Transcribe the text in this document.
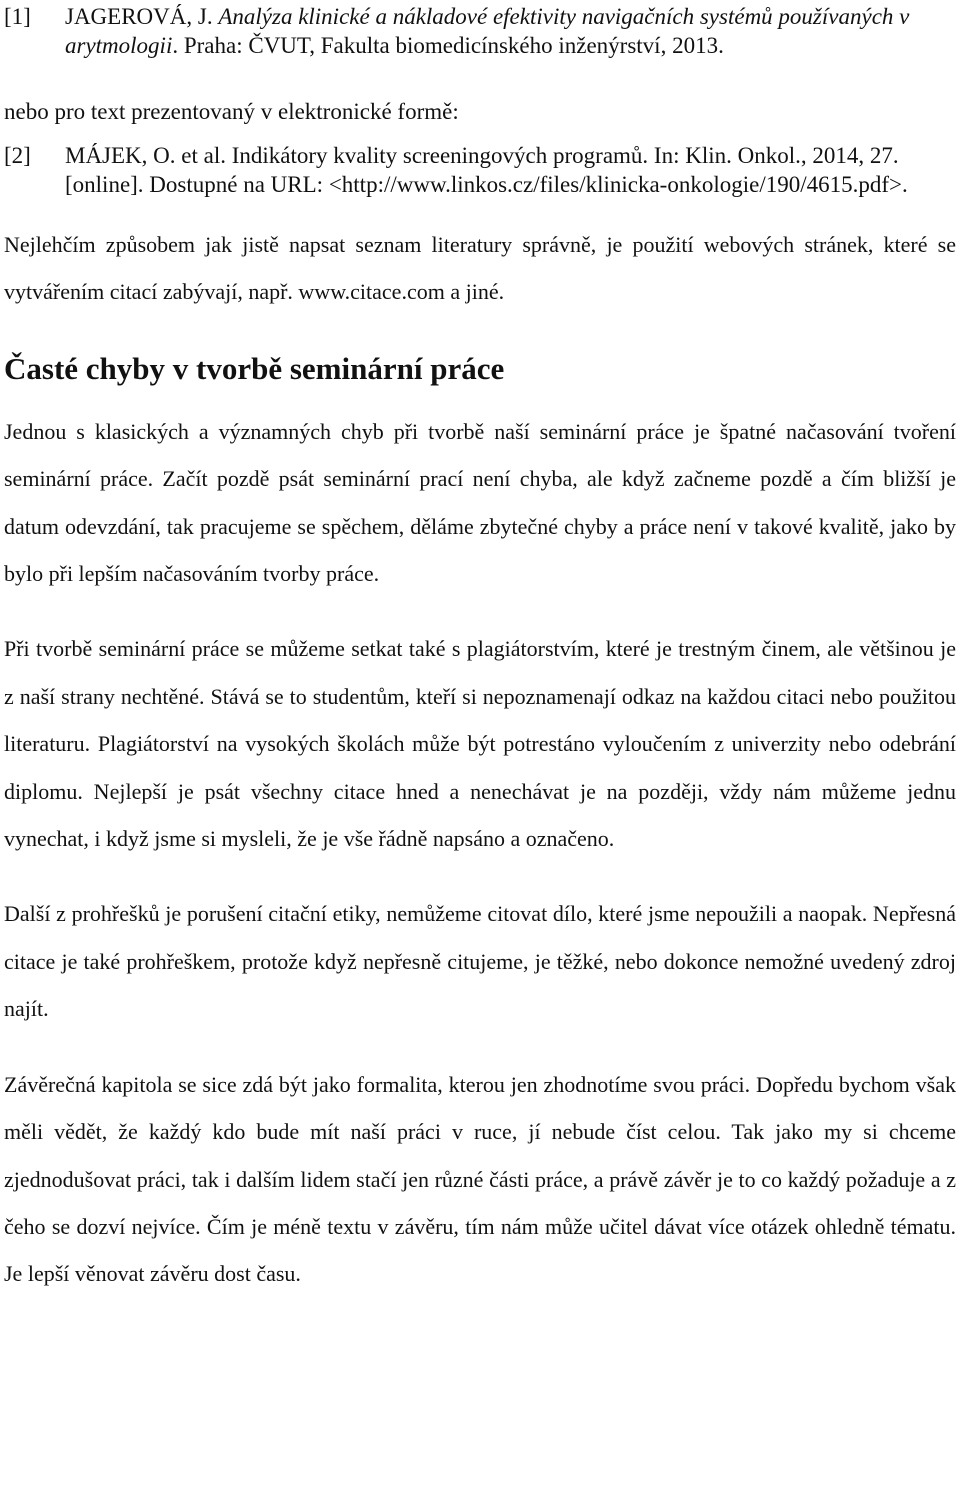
[1]	JAGEROVÁ, J. Analýza klinické a nákladové efektivity navigačních systémů používaných v arytmologii. Praha: ČVUT, Fakulta biomedicínského inženýrství, 2013.
nebo pro text prezentovaný v elektronické formě:
[2]	MÁJEK, O. et al. Indikátory kvality screeningových programů. In: Klin. Onkol., 2014, 27. [online]. Dostupné na URL: <http://www.linkos.cz/files/klinicka-onkologie/190/4615.pdf>.

Nejlehčím způsobem jak jistě napsat seznam literatury správně, je použití webových stránek, které se vytvářením citací zabývají, např. www.citace.com a jiné.

Časté chyby v tvorbě seminární práce

Jednou s klasických a významných chyb při tvorbě naší seminární práce je špatné načasování tvoření seminární práce. Začít pozdě psát seminární prací není chyba, ale když začneme pozdě a čím bližší je datum odevzdání, tak pracujeme se spěchem, děláme zbytečné chyby a práce není v takové kvalitě, jako by bylo při lepším načasováním tvorby práce.

Při tvorbě seminární práce se můžeme setkat také s plagiátorstvím, které je trestným činem, ale většinou je z naší strany nechtěné. Stává se to studentům, kteří si nepoznamenají odkaz na každou citaci nebo použitou literaturu. Plagiátorství na vysokých školách může být potrestáno vyloučením z univerzity nebo odebrání diplomu. Nejlepší je psát všechny citace hned a nenechávat je na později, vždy nám můžeme jednu vynechat, i když jsme si mysleli, že je vše řádně napsáno a označeno.

Další z prohřešků je porušení citační etiky, nemůžeme citovat dílo, které jsme nepoužili a naopak. Nepřesná citace je také prohřeškem, protože když nepřesně citujeme, je těžké, nebo dokonce nemožné uvedený zdroj najít.

Závěrečná kapitola se sice zdá být jako formalita, kterou jen zhodnotíme svou práci. Dopředu bychom však měli vědět, že každý kdo bude mít naší práci v ruce, jí nebude číst celou. Tak jako my si chceme zjednodušovat práci, tak i dalším lidem stačí jen různé části práce, a právě závěr je to co každý požaduje a z čeho se dozví nejvíce. Čím je méně textu v závěru, tím nám může učitel dávat více otázek ohledně tématu. Je lepší věnovat závěru dost času.
